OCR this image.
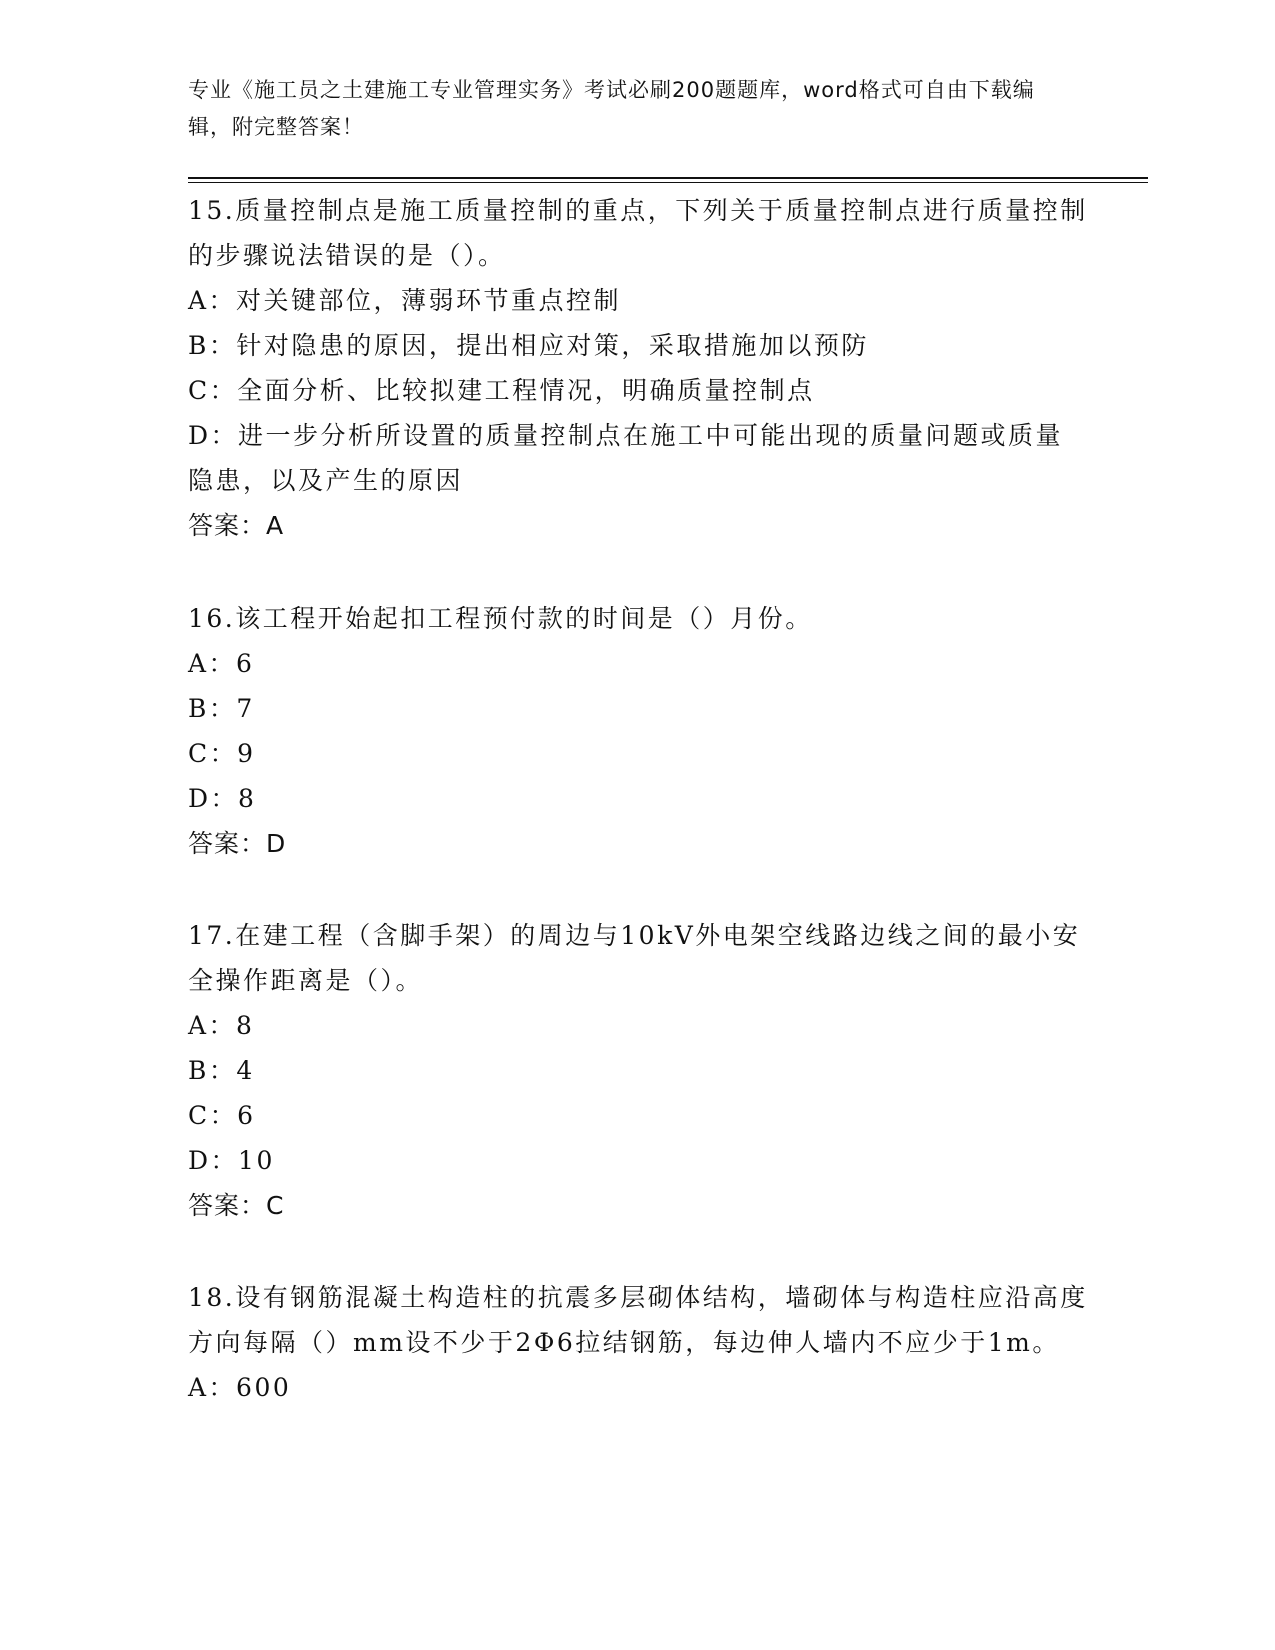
专业《施工员之土建施工专业管理实务》考试必刷200题题库，word格式可自由下载编辑，附完整答案！
15.质量控制点是施工质量控制的重点，下列关于质量控制点进行质量控制的步骤说法错误的是（）。
A：对关键部位，薄弱环节重点控制
B：针对隐患的原因，提出相应对策，采取措施加以预防
C：全面分析、比较拟建工程情况，明确质量控制点
D：进一步分析所设置的质量控制点在施工中可能出现的质量问题或质量隐患，以及产生的原因
答案：A
16.该工程开始起扣工程预付款的时间是（）月份。
A：6
B：7
C：9
D：8
答案：D
17.在建工程（含脚手架）的周边与10kV外电架空线路边线之间的最小安全操作距离是（）。
A：8
B：4
C：6
D：10
答案：C
18.设有钢筋混凝土构造柱的抗震多层砌体结构，墙砌体与构造柱应沿高度方向每隔（）mm设不少于2Φ6拉结钢筋，每边伸人墙内不应少于1m。
A：600
